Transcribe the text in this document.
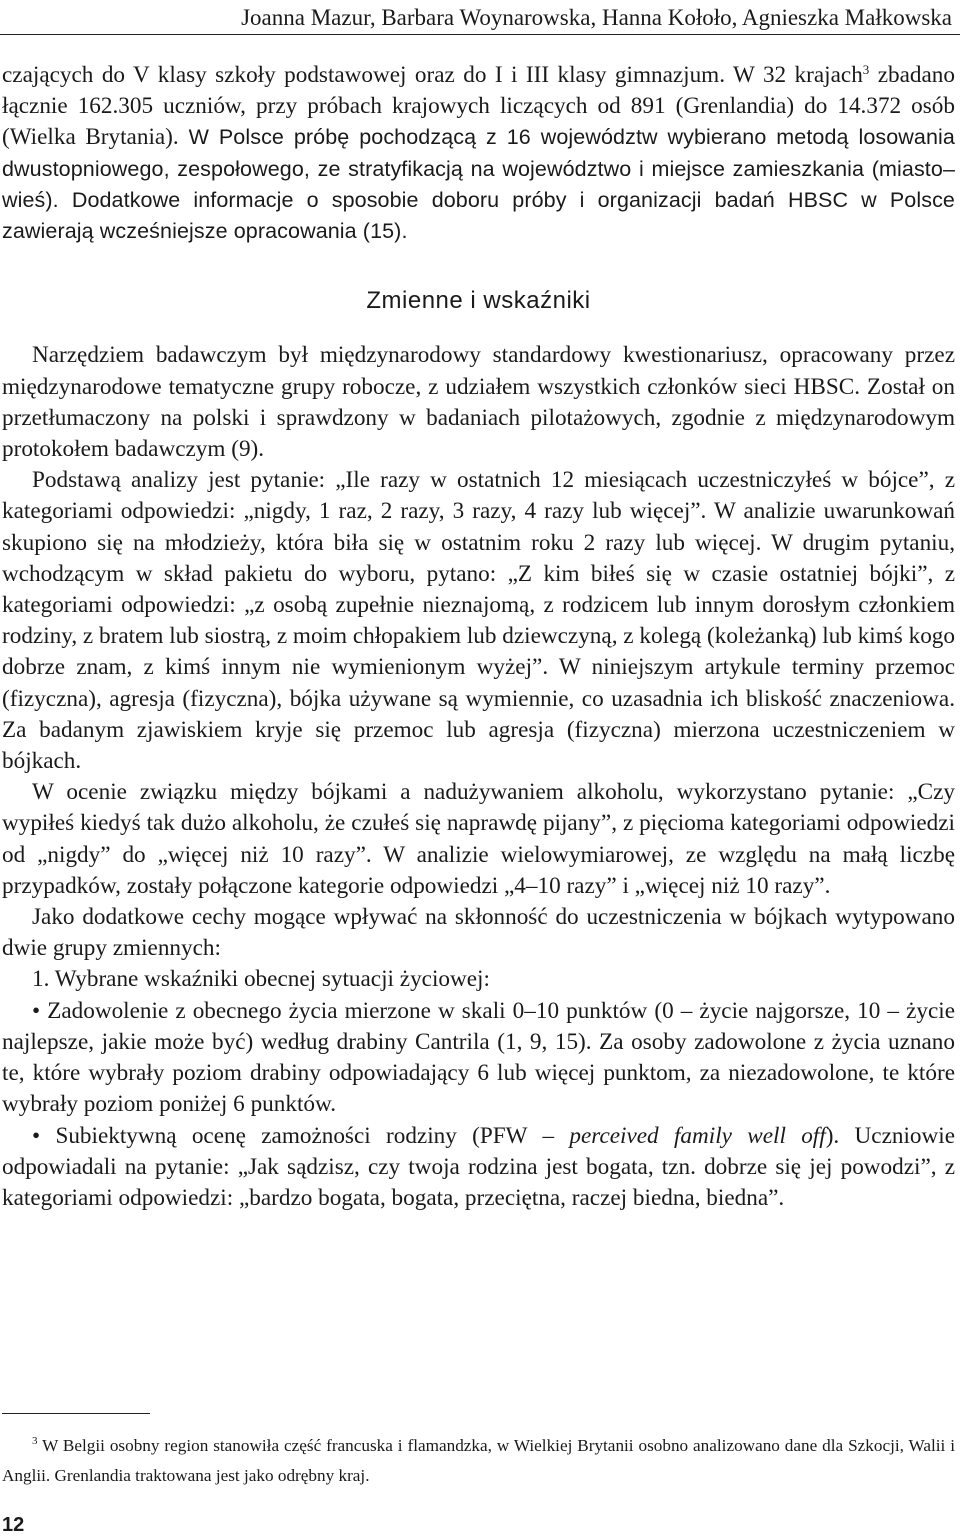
Joanna Mazur, Barbara Woynarowska, Hanna Kołoło, Agnieszka Małkowska

czających do V klasy szkoły podstawowej oraz do I i III klasy gimnazjum. W 32 krajach$^3$ zbadano łącznie 162.305 uczniów, przy próbach krajowych liczących od 891 (Grenlandia) do 14.372 osób (Wielka Brytania). W Polsce próbę pochodzącą z 16 województw wybierano metodą losowania dwustopniowego, zespołowego, ze stratyfikacją na województwo i miejsce zamieszkania (miasto–wieś). Dodatkowe informacje o sposobie doboru próby i organizacji badań HBSC w Polsce zawierają wcześniejsze opracowania (15).

Zmienne i wskaźniki

Narzędziem badawczym był międzynarodowy standardowy kwestionariusz, opracowany przez międzynarodowe tematyczne grupy robocze, z udziałem wszystkich członków sieci HBSC. Został on przetłumaczony na polski i sprawdzony w badaniach pilotażowych, zgodnie z międzynarodowym protokołem badawczym (9).

Podstawą analizy jest pytanie: „Ile razy w ostatnich 12 miesiącach uczestniczyłeś w bójce”, z kategoriami odpowiedzi: „nigdy, 1 raz, 2 razy, 3 razy, 4 razy lub więcej”. W analizie uwarunkowań skupiono się na młodzieży, która biła się w ostatnim roku 2 razy lub więcej. W drugim pytaniu, wchodzącym w skład pakietu do wyboru, pytano: „Z kim biłeś się w czasie ostatniej bójki”, z kategoriami odpowiedzi: „z osobą zupełnie nieznajomą, z rodzicem lub innym dorosłym członkiem rodziny, z bratem lub siostrą, z moim chłopakiem lub dziewczyną, z kolegą (koleżanką) lub kimś kogo dobrze znam, z kimś innym nie wymienionym wyżej”. W niniejszym artykule terminy przemoc (fizyczna), agresja (fizyczna), bójka używane są wymiennie, co uzasadnia ich bliskość znaczeniowa. Za badanym zjawiskiem kryje się przemoc lub agresja (fizyczna) mierzona uczestniczeniem w bójkach.

W ocenie związku między bójkami a nadużywaniem alkoholu, wykorzystano pytanie: „Czy wypiłeś kiedyś tak dużo alkoholu, że czułeś się naprawdę pijany”, z pięcioma kategoriami odpowiedzi od „nigdy” do „więcej niż 10 razy”. W analizie wielowymiarowej, ze względu na małą liczbę przypadków, zostały połączone kategorie odpowiedzi „4–10 razy” i „więcej niż 10 razy”.

Jako dodatkowe cechy mogące wpływać na skłonność do uczestniczenia w bójkach wytypowano dwie grupy zmiennych:

1. Wybrane wskaźniki obecnej sytuacji życiowej:

• Zadowolenie z obecnego życia mierzone w skali 0–10 punktów (0 – życie najgorsze, 10 – życie najlepsze, jakie może być) według drabiny Cantrila (1, 9, 15). Za osoby zadowolone z życia uznano te, które wybrały poziom drabiny odpowiadający 6 lub więcej punktom, za niezadowolone, te które wybrały poziom poniżej 6 punktów.

• Subiektywną ocenę zamożności rodziny (PFW – perceived family well off). Uczniowie odpowiadali na pytanie: „Jak sądzisz, czy twoja rodzina jest bogata, tzn. dobrze się jej powodzi”, z kategoriami odpowiedzi: „bardzo bogata, bogata, przeciętna, raczej biedna, biedna”.

$^3$ W Belgii osobny region stanowiła część francuska i flamandzka, w Wielkiej Brytanii osobno analizowano dane dla Szkocji, Walii i Anglii. Grenlandia traktowana jest jako odrębny kraj.
12
